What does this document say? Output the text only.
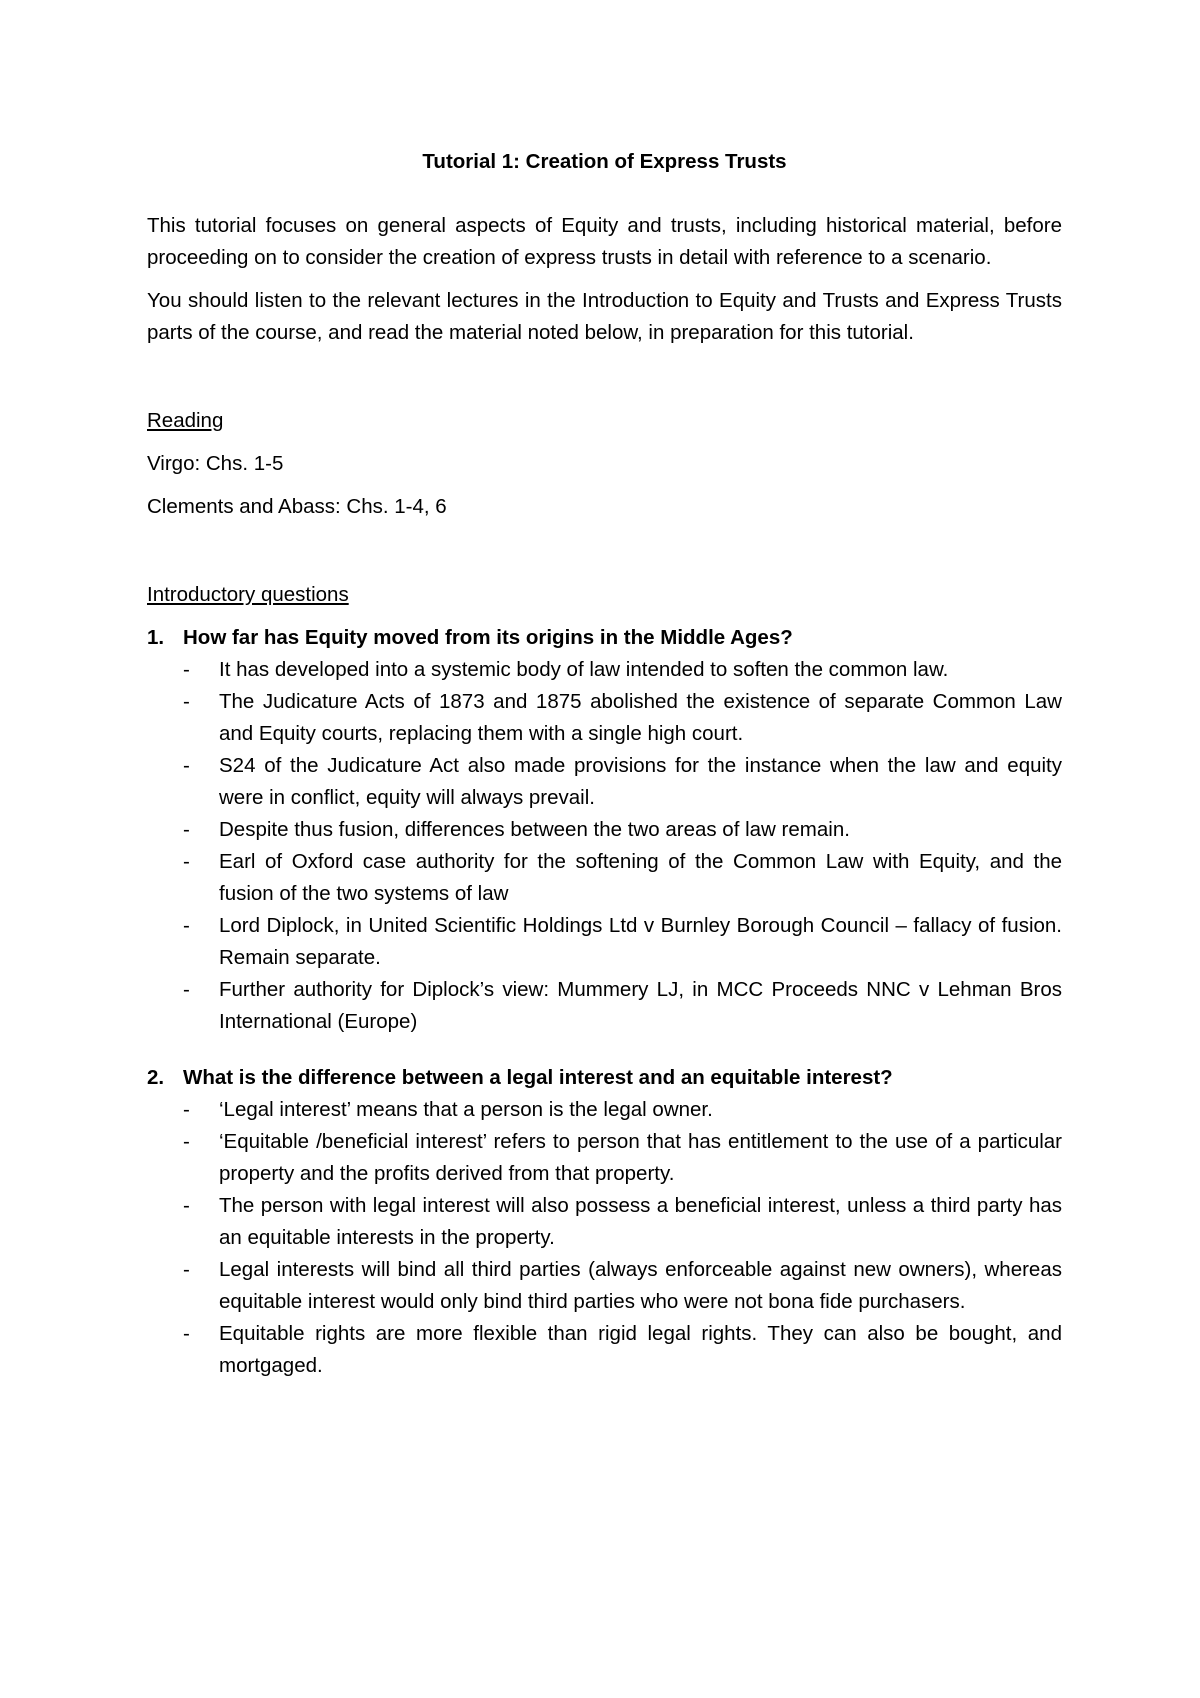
Tutorial 1: Creation of Express Trusts

This tutorial focuses on general aspects of Equity and trusts, including historical material, before proceeding on to consider the creation of express trusts in detail with reference to a scenario.

You should listen to the relevant lectures in the Introduction to Equity and Trusts and Express Trusts parts of the course, and read the material noted below, in preparation for this tutorial.

Reading
Virgo: Chs. 1-5
Clements and Abass: Chs. 1-4, 6
Introductory questions
1. How far has Equity moved from its origins in the Middle Ages?
-	It has developed into a systemic body of law intended to soften the common law.
-	The Judicature Acts of 1873 and 1875 abolished the existence of separate Common Law and Equity courts, replacing them with a single high court.
-	S24 of the Judicature Act also made provisions for the instance when the law and equity were in conflict, equity will always prevail.
-	Despite thus fusion, differences between the two areas of law remain.
-	Earl of Oxford case authority for the softening of the Common Law with Equity, and the fusion of the two systems of law
-	Lord Diplock, in United Scientific Holdings Ltd v Burnley Borough Council – fallacy of fusion. Remain separate.
-	Further authority for Diplock’s view: Mummery LJ, in MCC Proceeds NNC v Lehman Bros International (Europe)
2. What is the difference between a legal interest and an equitable interest?
-	‘Legal interest’ means that a person is the legal owner.
-	‘Equitable /beneficial interest’ refers to person that has entitlement to the use of a particular property and the profits derived from that property.
-	The person with legal interest will also possess a beneficial interest, unless a third party has an equitable interests in the property.
-	Legal interests will bind all third parties (always enforceable against new owners), whereas equitable interest would only bind third parties who were not bona fide purchasers.
-	Equitable rights are more flexible than rigid legal rights. They can also be bought, and mortgaged.
